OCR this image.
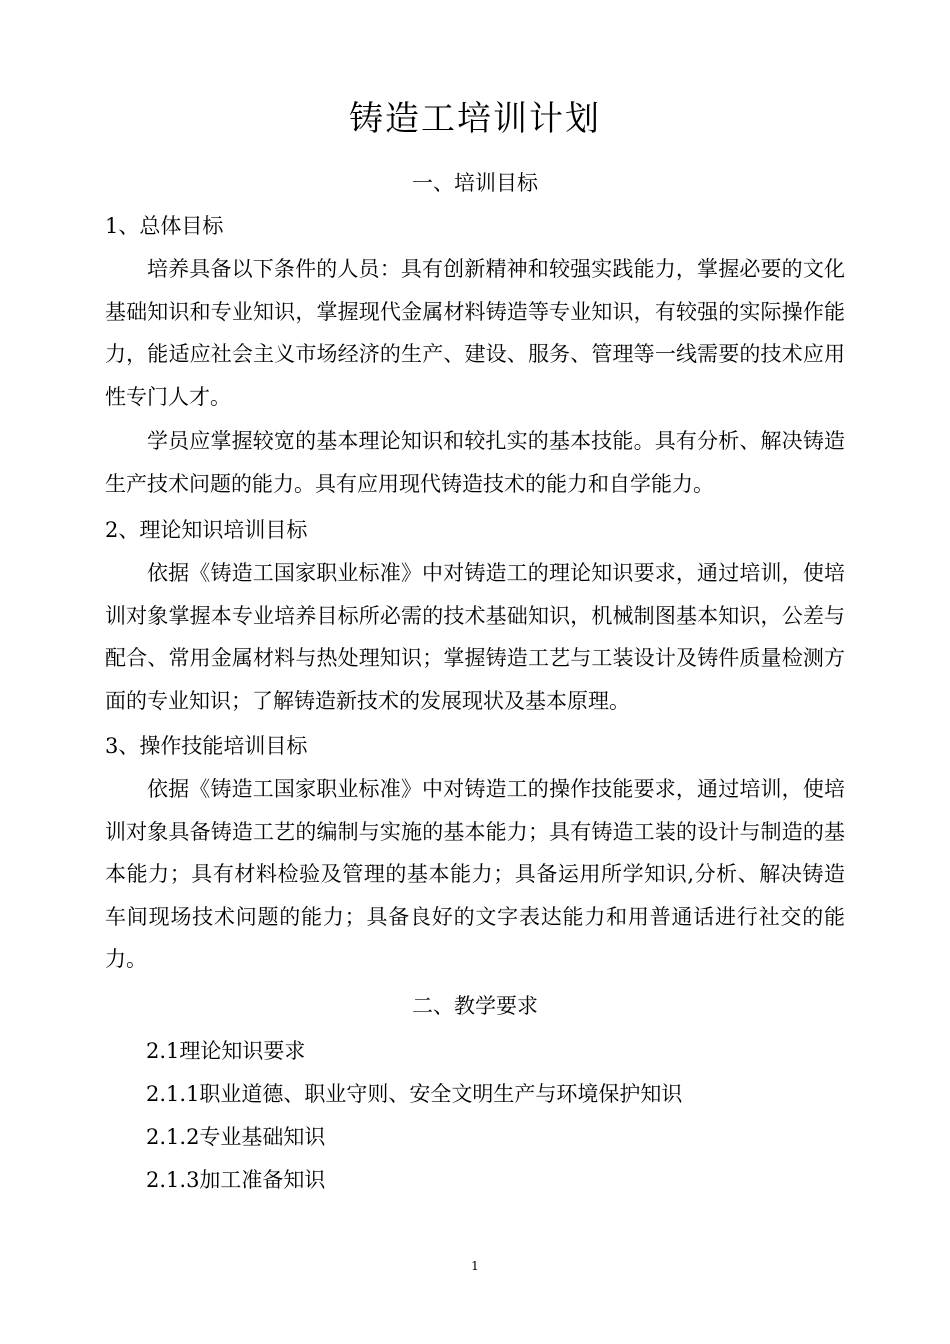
铸造工培训计划
一、培训目标
1、总体目标

培养具备以下条件的人员：具有创新精神和较强实践能力，掌握必要的文化基础知识和专业知识，掌握现代金属材料铸造等专业知识，有较强的实际操作能力，能适应社会主义市场经济的生产、建设、服务、管理等一线需要的技术应用性专门人才。

学员应掌握较宽的基本理论知识和较扎实的基本技能。具有分析、解决铸造生产技术问题的能力。具有应用现代铸造技术的能力和自学能力。

2、理论知识培训目标

依据《铸造工国家职业标准》中对铸造工的理论知识要求，通过培训，使培训对象掌握本专业培养目标所必需的技术基础知识，机械制图基本知识，公差与配合、常用金属材料与热处理知识；掌握铸造工艺与工装设计及铸件质量检测方面的专业知识；了解铸造新技术的发展现状及基本原理。

3、操作技能培训目标

依据《铸造工国家职业标准》中对铸造工的操作技能要求，通过培训，使培训对象具备铸造工艺的编制与实施的基本能力；具有铸造工装的设计与制造的基本能力；具有材料检验及管理的基本能力；具备运用所学知识,分析、解决铸造车间现场技术问题的能力；具备良好的文字表达能力和用普通话进行社交的能力。

二、教学要求
2.1理论知识要求
2.1.1职业道德、职业守则、安全文明生产与环境保护知识
2.1.2专业基础知识
2.1.3加工准备知识
1
